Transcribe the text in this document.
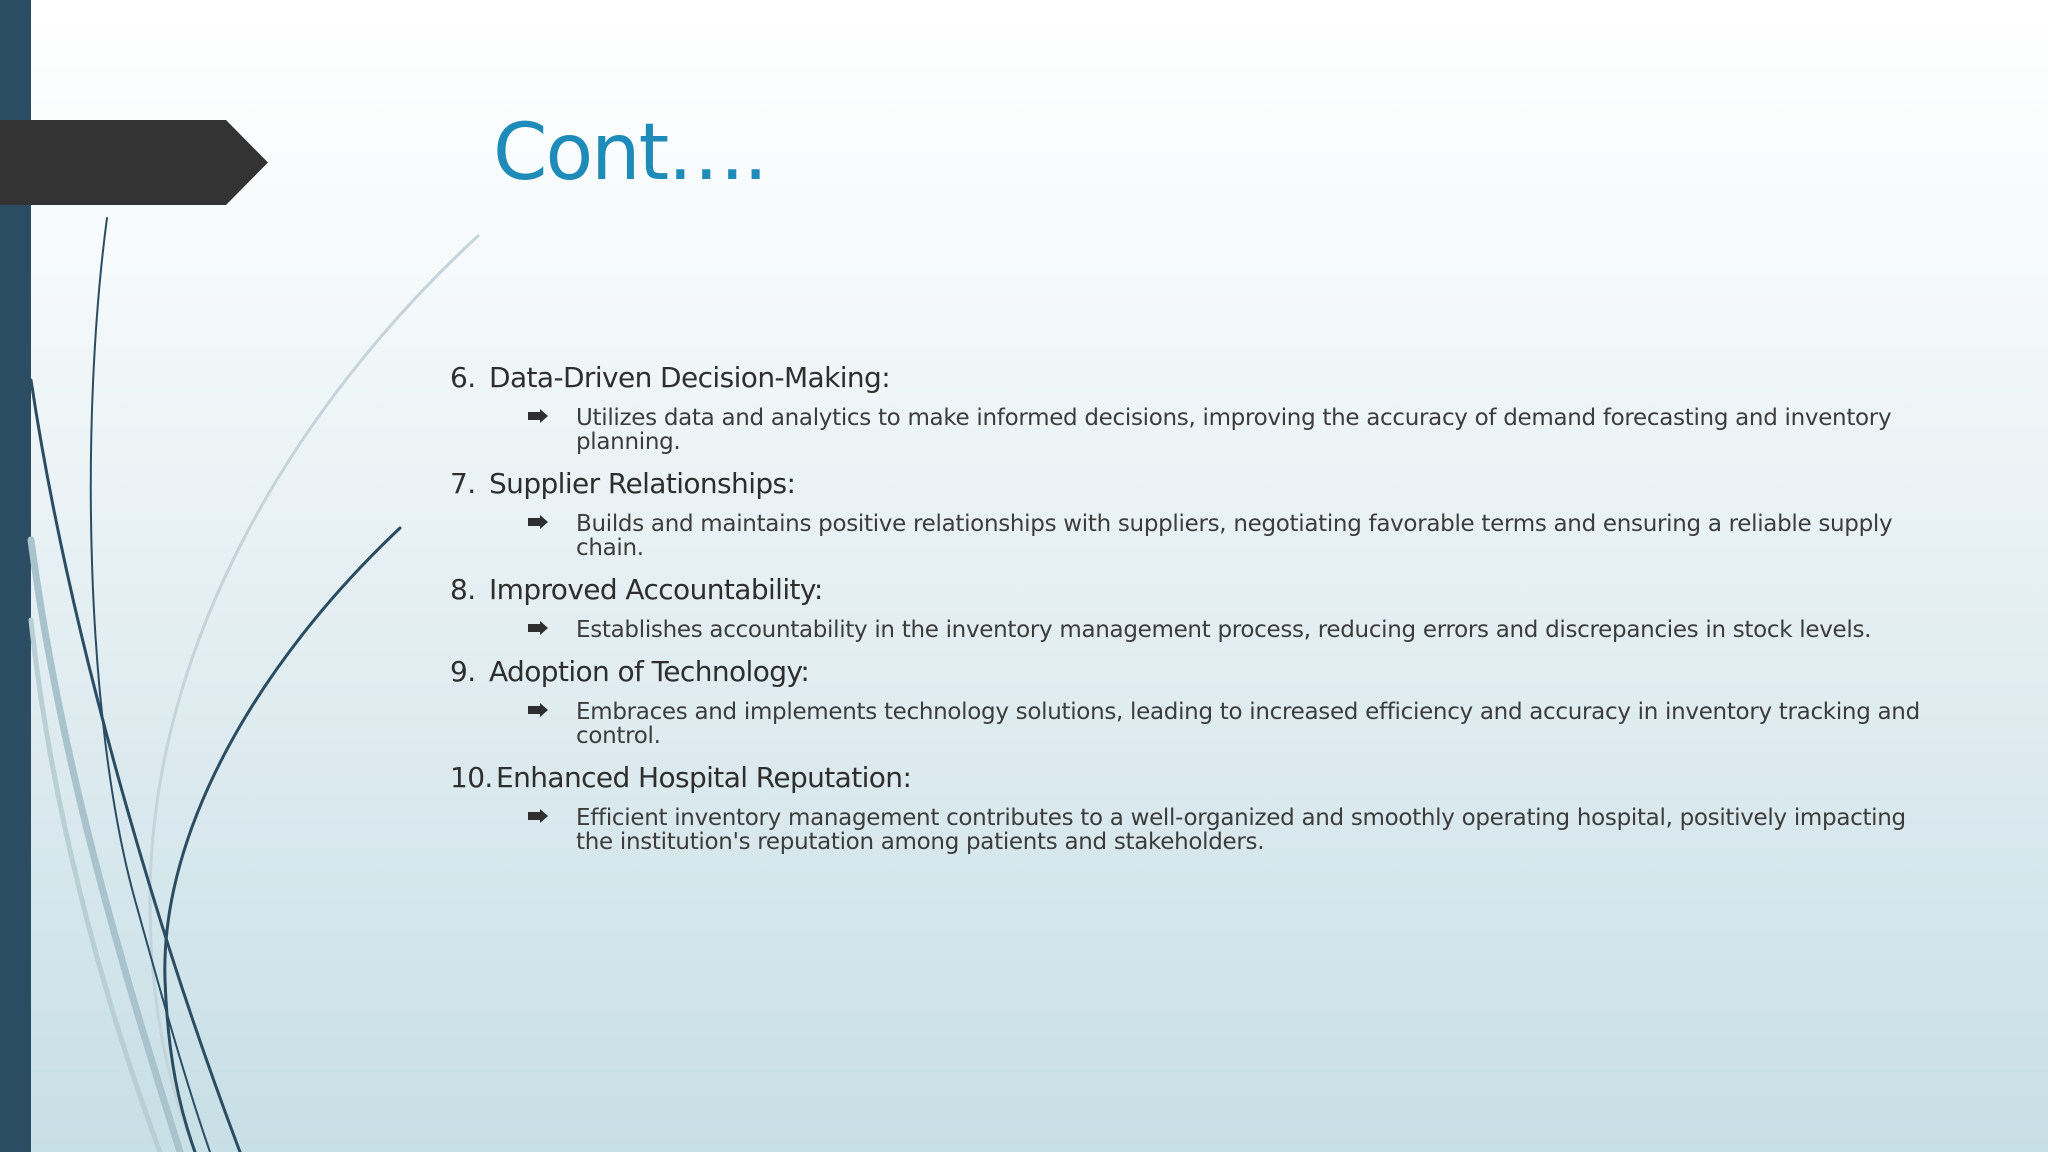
Cont….
6. Data-Driven Decision-Making:
Utilizes data and analytics to make informed decisions, improving the accuracy of demand forecasting and inventory planning.
7. Supplier Relationships:
Builds and maintains positive relationships with suppliers, negotiating favorable terms and ensuring a reliable supply chain.
8. Improved Accountability:
Establishes accountability in the inventory management process, reducing errors and discrepancies in stock levels.
9. Adoption of Technology:
Embraces and implements technology solutions, leading to increased efficiency and accuracy in inventory tracking and control.
10. Enhanced Hospital Reputation:
Efficient inventory management contributes to a well-organized and smoothly operating hospital, positively impacting the institution's reputation among patients and stakeholders.
